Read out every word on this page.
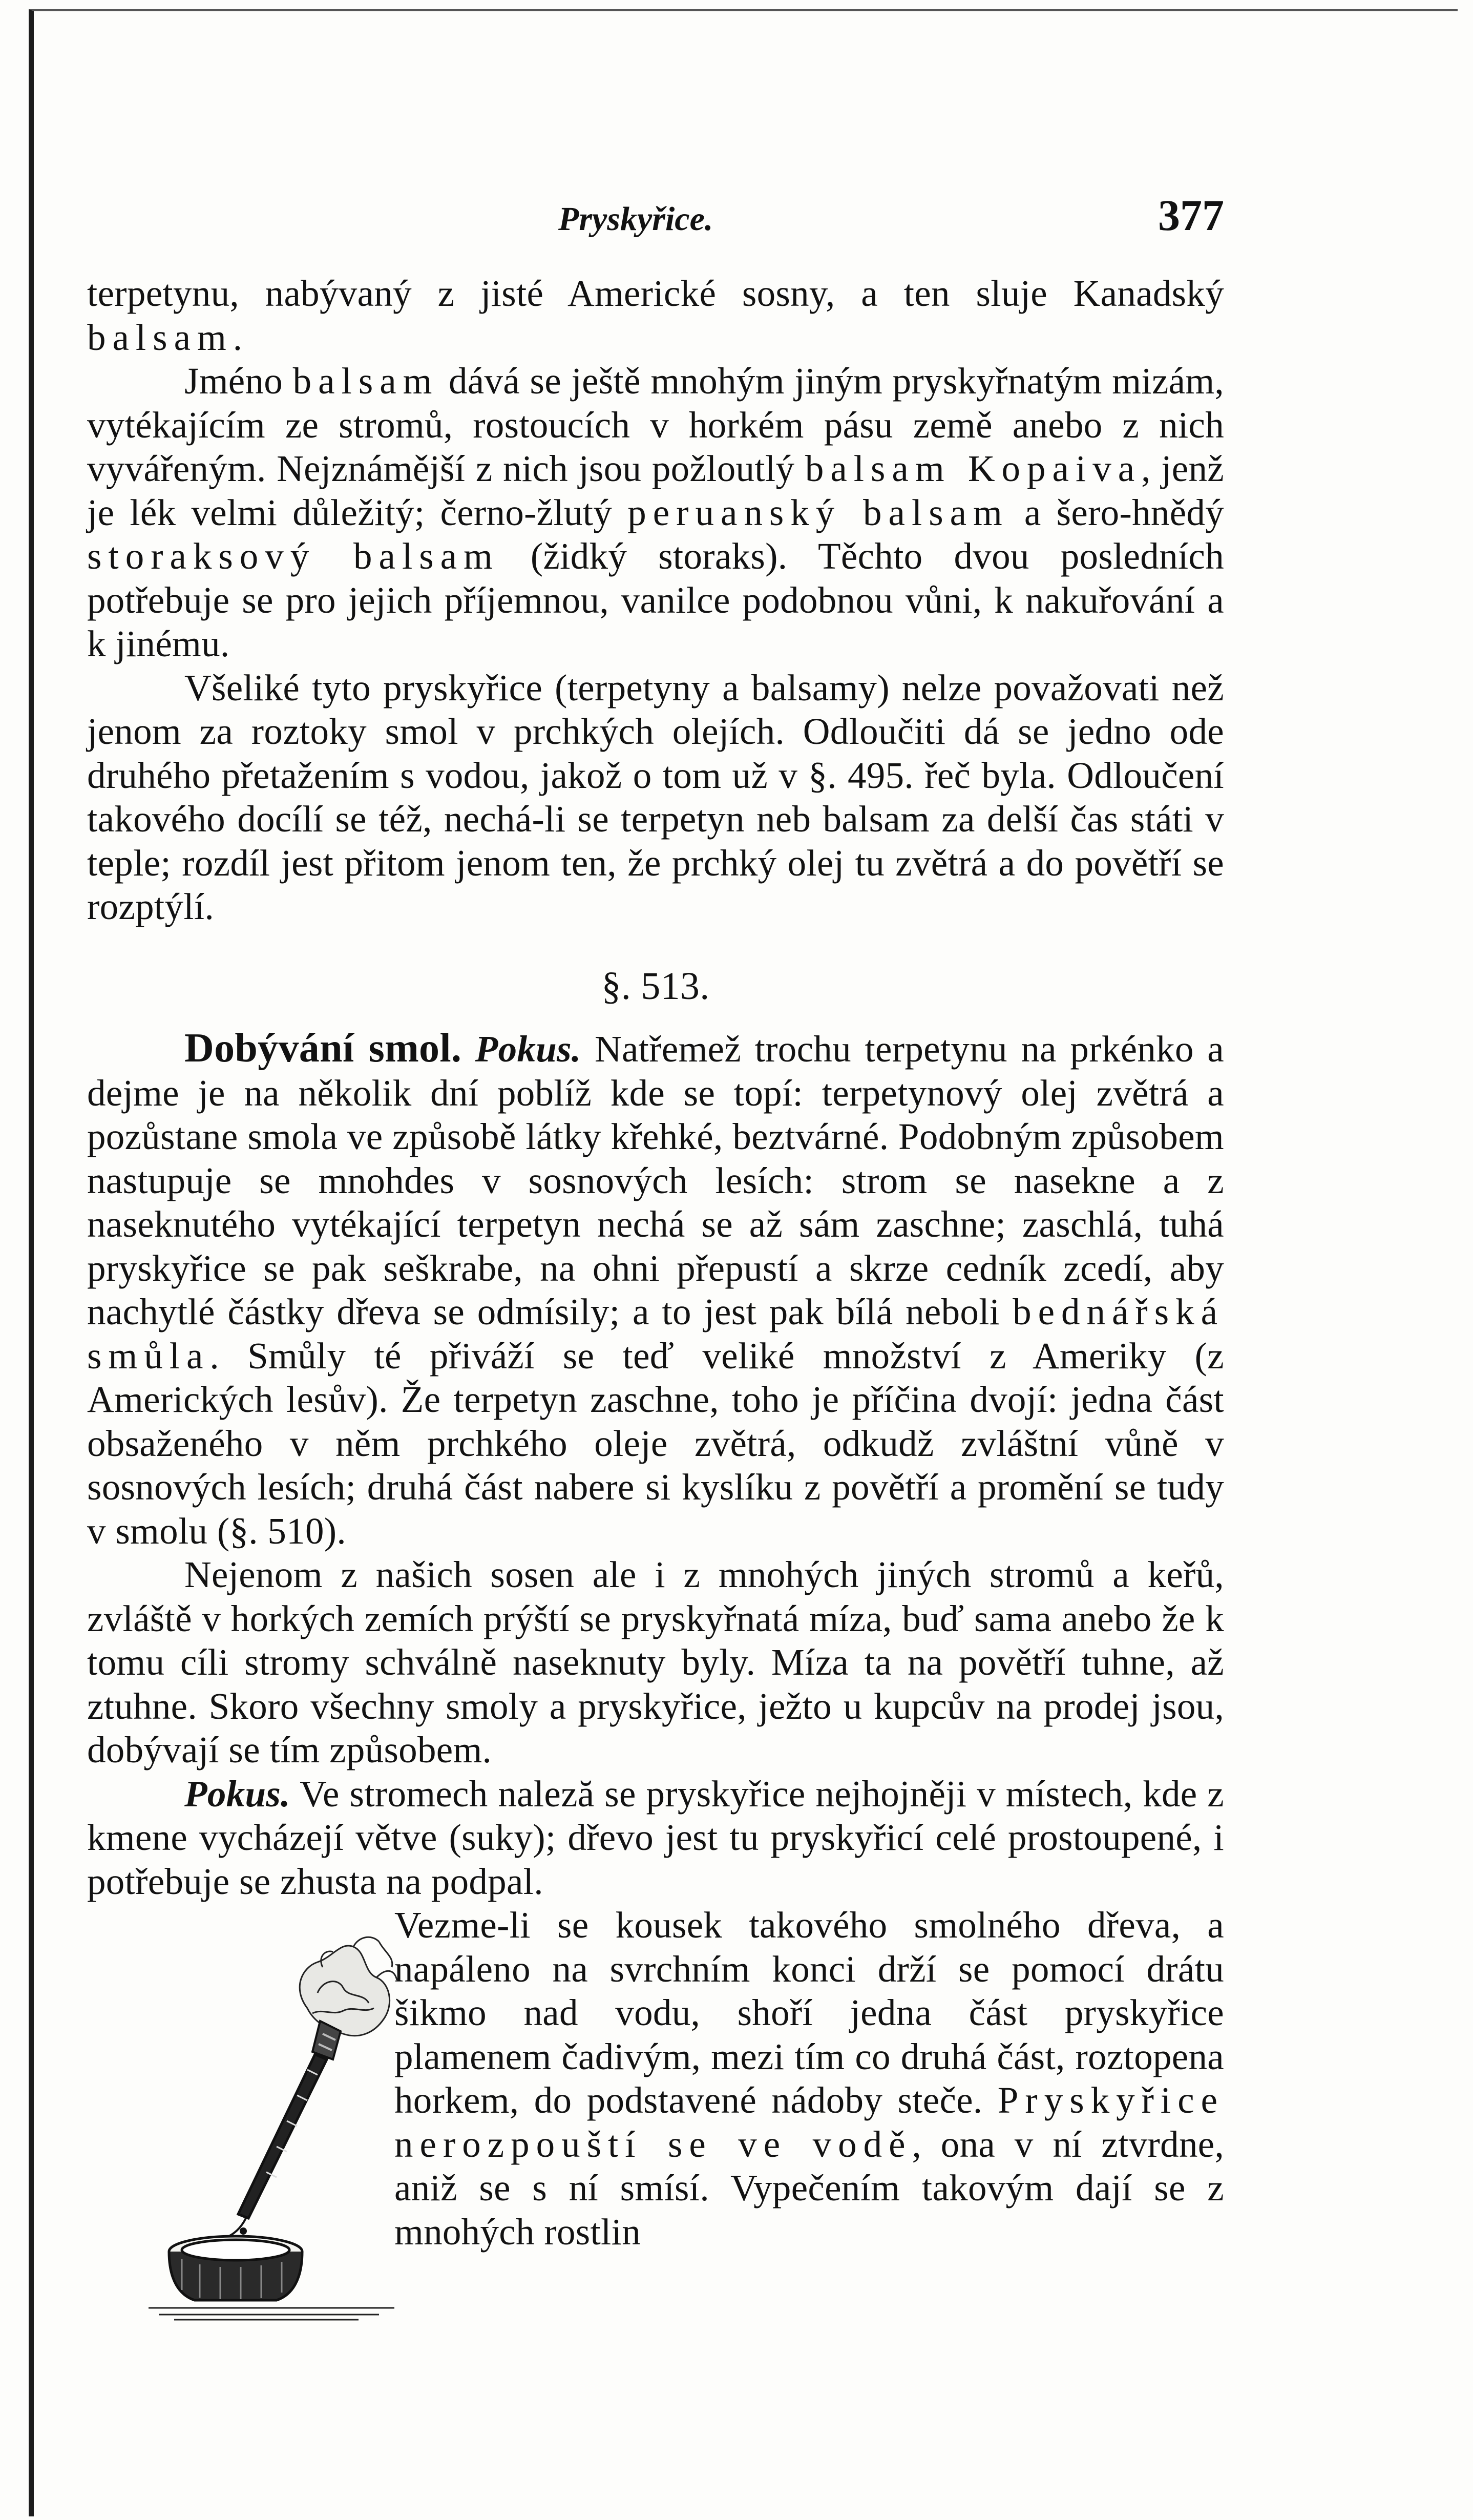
Pryskyřice.	377

terpetynu, nabývaný z jisté Americké sosny, a ten sluje Kanadský balsam.

Jméno balsam dává se ještě mnohým jiným pryskyřnatým mizám, vytékajícím ze stromů, rostoucích v horkém pásu země anebo z nich vyvářeným. Nejznámější z nich jsou požloutlý balsam Kopaiva, jenž je lék velmi důležitý; černo-žlutý peruanský balsam a šero-hnědý storaksový balsam (židký storaks). Těchto dvou posledních potřebuje se pro jejich příjemnou, vanilce podobnou vůni, k nakuřování a k jinému.

Všeliké tyto pryskyřice (terpetyny a balsamy) nelze považovati než jenom za roztoky smol v prchkých olejích. Odloučiti dá se jedno ode druhého přetažením s vodou, jakož o tom už v §. 495. řeč byla. Odloučení takového docílí se též, nechá-li se terpetyn neb balsam za delší čas státi v teple; rozdíl jest přitom jenom ten, že prchký olej tu zvětrá a do povětří se rozptýlí.

§. 513.

Dobývání smol. Pokus. Natřemež trochu terpetynu na prkénko a dejme je na několik dní poblíž kde se topí: terpetynový olej zvětrá a pozůstane smola ve způsobě látky křehké, beztvárné. Podobným způsobem nastupuje se mnohdes v sosnových lesích: strom se nasekne a z naseknutého vytékající terpetyn nechá se až sám zaschne; zaschlá, tuhá pryskyřice se pak seškrabe, na ohni přepustí a skrze cedník zcedí, aby nachytlé částky dřeva se odmísily; a to jest pak bílá neboli bednářská smůla. Smůly té přiváží se teď veliké množství z Ameriky (z Amerických lesův). Že terpetyn zaschne, toho je příčina dvojí: jedna část obsaženého v něm prchkého oleje zvětrá, odkudž zvláštní vůně v sosnových lesích; druhá část nabere si kyslíku z povětří a promění se tudy v smolu (§. 510).

Nejenom z našich sosen ale i z mnohých jiných stromů a keřů, zvláště v horkých zemích prýští se pryskyřnatá míza, buď sama anebo že k tomu cíli stromy schválně naseknuty byly. Míza ta na povětří tuhne, až ztuhne. Skoro všechny smoly a pryskyřice, ježto u kupcův na prodej jsou, dobývají se tím způsobem.

Pokus. Ve stromech naleză se pryskyřice nejhojněji v místech, kde z kmene vycházejí větve (suky); dřevo jest tu pryskyřicí celé prostoupené, i potřebuje se zhusta na podpal.

Vezme-li se kousek takového smolného dřeva, a napáleno na svrchním konci drží se pomocí drátu šikmo nad vodu, shoří jedna část pryskyřice plamenem čadivým, mezi tím co druhá část, roztopena horkem, do podstavené nádoby steče. Pryskyřice nerozpouští se ve vodě, ona v ní ztvrdne, aniž se s ní smísí. Vypečením takovým dají se z mnohých rostlin
